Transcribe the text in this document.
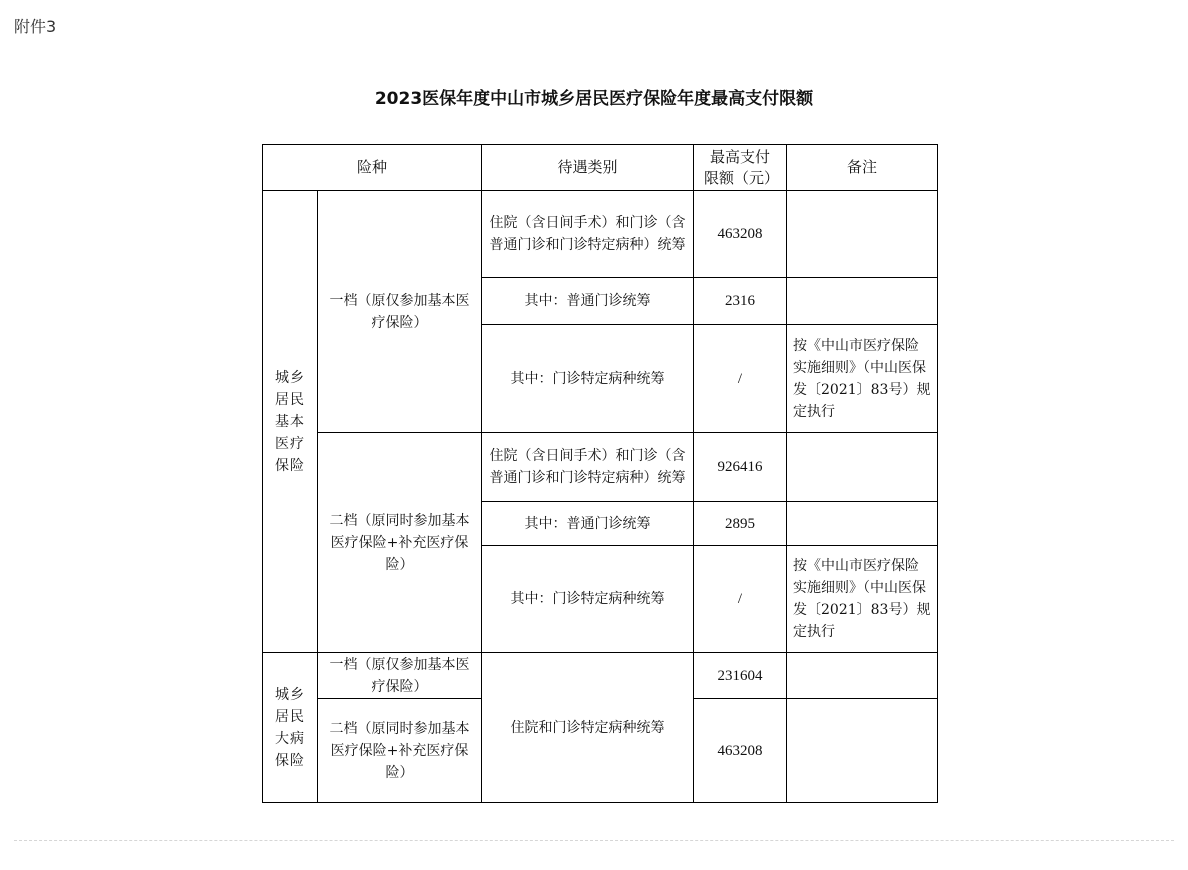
附件3
2023医保年度中山市城乡居民医疗保险年度最高支付限额
险种		待遇类别	最高支付限额（元）	备注
城乡居民基本医疗保险	一档（原仅参加基本医疗保险）	住院（含日间手术）和门诊（含普通门诊和门诊特定病种）统筹	463208	
		其中：普通门诊统筹	2316	
		其中：门诊特定病种统筹	/	按《中山市医疗保险实施细则》（中山医保发〔2021〕83号）规定执行
	二档（原同时参加基本医疗保险+补充医疗保险）	住院（含日间手术）和门诊（含普通门诊和门诊特定病种）统筹	926416	
		其中：普通门诊统筹	2895	
		其中：门诊特定病种统筹	/	按《中山市医疗保险实施细则》（中山医保发〔2021〕83号）规定执行
城乡居民大病保险	一档（原仅参加基本医疗保险）	住院和门诊特定病种统筹	231604	
	二档（原同时参加基本医疗保险+补充医疗保险）		463208	
